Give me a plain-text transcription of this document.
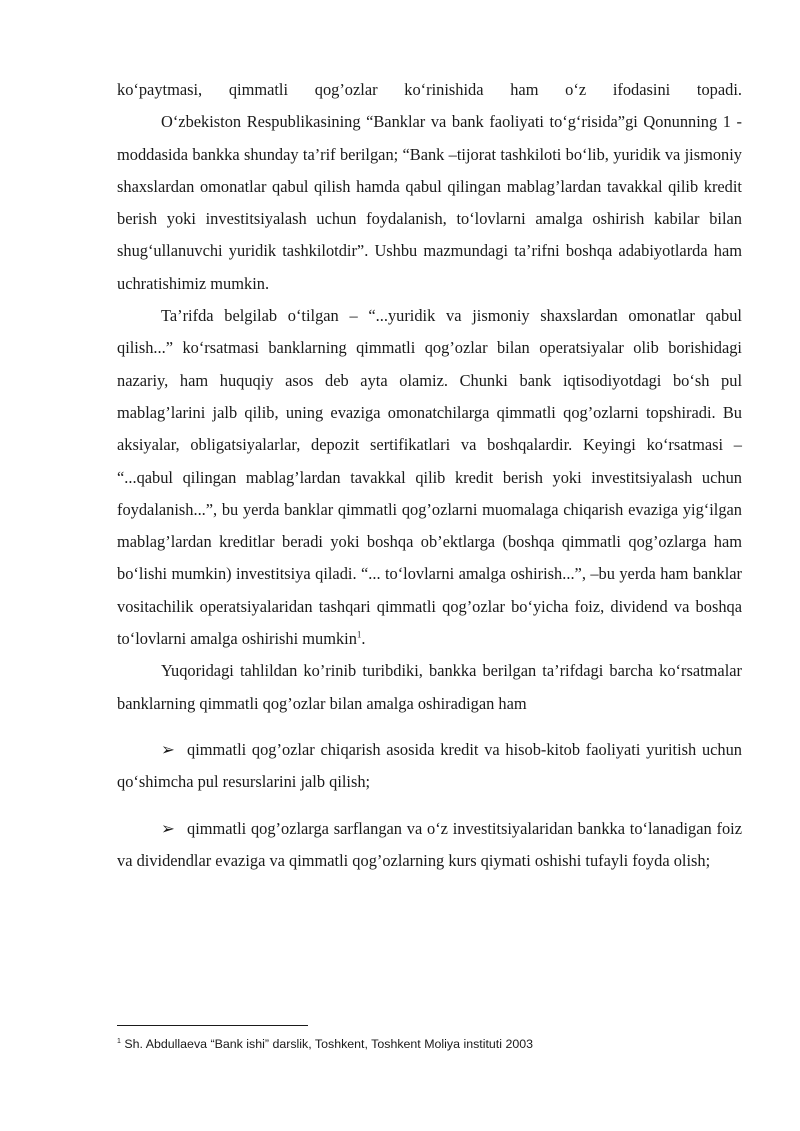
ko‘paytmasi, qimmatli qog’ozlar ko‘rinishida ham o‘z ifodasini topadi.

O‘zbekiston Respublikasining “Banklar va bank faoliyati to‘g‘risida”gi Qonunning 1 -moddasida bankka shunday ta’rif berilgan; “Bank –tijorat tashkiloti bo‘lib, yuridik va jismoniy shaxslardan omonatlar qabul qilish hamda qabul qilingan mablag’lardan tavakkal qilib kredit berish yoki investitsiyalash uchun foydalanish, to‘lovlarni amalga oshirish kabilar bilan shug‘ullanuvchi yuridik tashkilotdir”. Ushbu mazmundagi ta’rifni boshqa adabiyotlarda ham uchratishimiz mumkin.

Ta’rifda belgilab o‘tilgan – “...yuridik va jismoniy shaxslardan omonatlar qabul qilish...” ko‘rsatmasi banklarning qimmatli qog’ozlar bilan operatsiyalar olib borishidagi nazariy, ham huquqiy asos deb ayta olamiz. Chunki bank iqtisodiyotdagi bo‘sh pul mablag’larini jalb qilib, uning evaziga omonatchilarga qimmatli qog’ozlarni topshiradi. Bu aksiyalar, obligatsiyalarlar, depozit sertifikatlari va boshqalardir. Keyingi ko‘rsatmasi – “...qabul qilingan mablag’lardan tavakkal qilib kredit berish yoki investitsiyalash uchun foydalanish...”, bu yerda banklar qimmatli qog’ozlarni muomalaga chiqarish evaziga yig‘ilgan mablag’lardan kreditlar beradi yoki boshqa ob’ektlarga (boshqa qimmatli qog’ozlarga ham bo‘lishi mumkin) investitsiya qiladi. “... to‘lovlarni amalga oshirish...”, –bu yerda ham banklar vositachilik operatsiyalaridan tashqari qimmatli qog’ozlar bo‘yicha foiz, dividend va boshqa to‘lovlarni amalga oshirishi mumkin$^1$.

Yuqoridagi tahlildan ko’rinib turibdiki, bankka berilgan ta’rifdagi barcha ko‘rsatmalar banklarning qimmatli qog’ozlar bilan amalga oshiradigan ham

➢ qimmatli qog’ozlar chiqarish asosida kredit va hisob-kitob faoliyati yuritish uchun qo‘shimcha pul resurslarini jalb qilish;

➢ qimmatli qog’ozlarga sarflangan va o‘z investitsiyalaridan bankka to‘lanadigan foiz va dividendlar evaziga va qimmatli qog’ozlarning kurs qiymati oshishi tufayli foyda olish;

$^1$ Sh. Abdullaeva “Bank ishi” darslik, Toshkent, Toshkent Moliya instituti 2003
